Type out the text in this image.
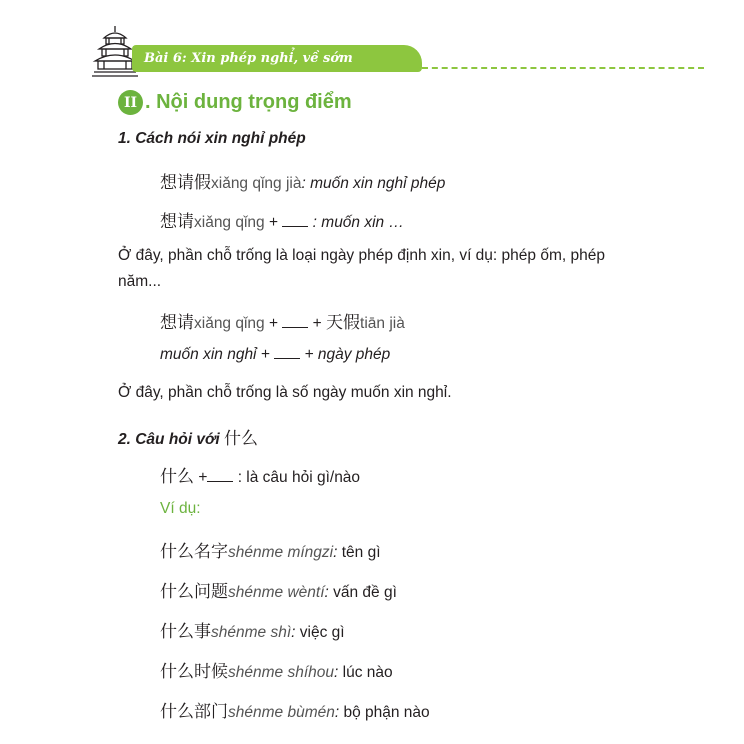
Bài 6: Xin phép nghỉ, về sớm
II . Nội dung trọng điểm
1. Cách nói xin nghỉ phép
想请假xiǎng qǐng jià: muốn xin nghỉ phép
想请xiǎng qǐng +  : muốn xin …
Ở đây, phần chỗ trống là loại ngày phép định xin, ví dụ: phép ốm, phép năm...
想请xiǎng qǐng + + 天假tiān jià
muốn xin nghỉ + + ngày phép
Ở đây, phần chỗ trống là số ngày muốn xin nghỉ.
2. Câu hỏi với 什么
什么 + : là câu hỏi gì/nào
Ví dụ:
什么名字shénme míngzi: tên gì
什么问题shénme wèntí: vấn đề gì
什么事shénme shì: việc gì
什么时候shénme shíhou: lúc nào
什么部门shénme bùmén: bộ phận nào
